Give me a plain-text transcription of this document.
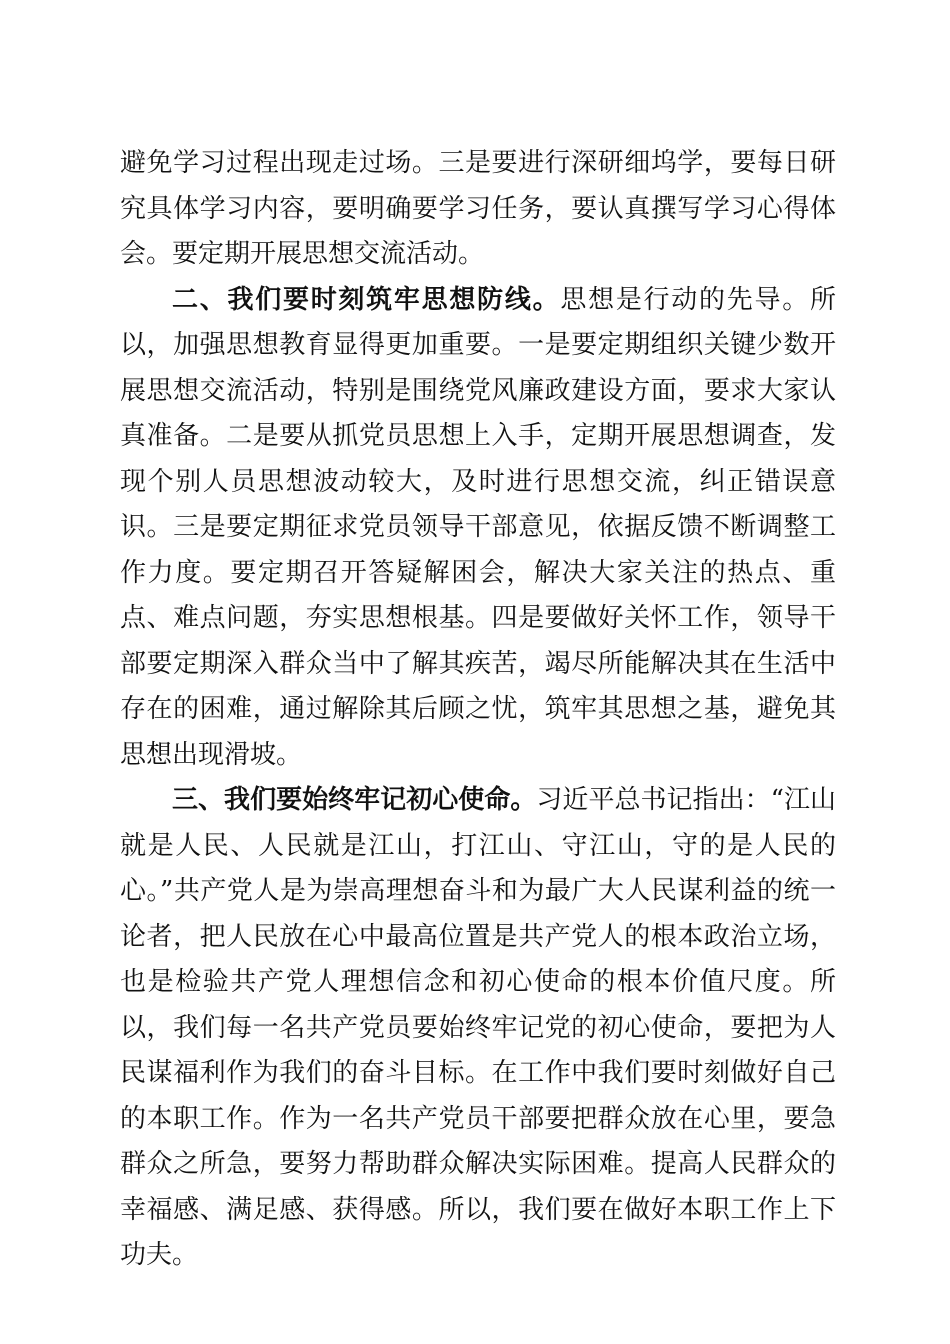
避免学习过程出现走过场。三是要进行深研细坞学，要每日研究具体学习内容，要明确要学习任务，要认真撰写学习心得体会。要定期开展思想交流活动。

二、我们要时刻筑牢思想防线。思想是行动的先导。所以，加强思想教育显得更加重要。一是要定期组织关键少数开展思想交流活动，特别是围绕党风廉政建设方面，要求大家认真准备。二是要从抓党员思想上入手，定期开展思想调查，发现个别人员思想波动较大，及时进行思想交流，纠正错误意识。三是要定期征求党员领导干部意见，依据反馈不断调整工作力度。要定期召开答疑解困会，解决大家关注的热点、重点、难点问题，夯实思想根基。四是要做好关怀工作，领导干部要定期深入群众当中了解其疾苦，竭尽所能解决其在生活中存在的困难，通过解除其后顾之忧，筑牢其思想之基，避免其思想出现滑坡。

三、我们要始终牢记初心使命。习近平总书记指出：“江山就是人民、人民就是江山，打江山、守江山，守的是人民的心。”共产党人是为崇高理想奋斗和为最广大人民谋利益的统一论者，把人民放在心中最高位置是共产党人的根本政治立场，也是检验共产党人理想信念和初心使命的根本价值尺度。所以，我们每一名共产党员要始终牢记党的初心使命，要把为人民谋福利作为我们的奋斗目标。在工作中我们要时刻做好自己的本职工作。作为一名共产党员干部要把群众放在心里，要急群众之所急，要努力帮助群众解决实际困难。提高人民群众的幸福感、满足感、获得感。所以，我们要在做好本职工作上下功夫。
